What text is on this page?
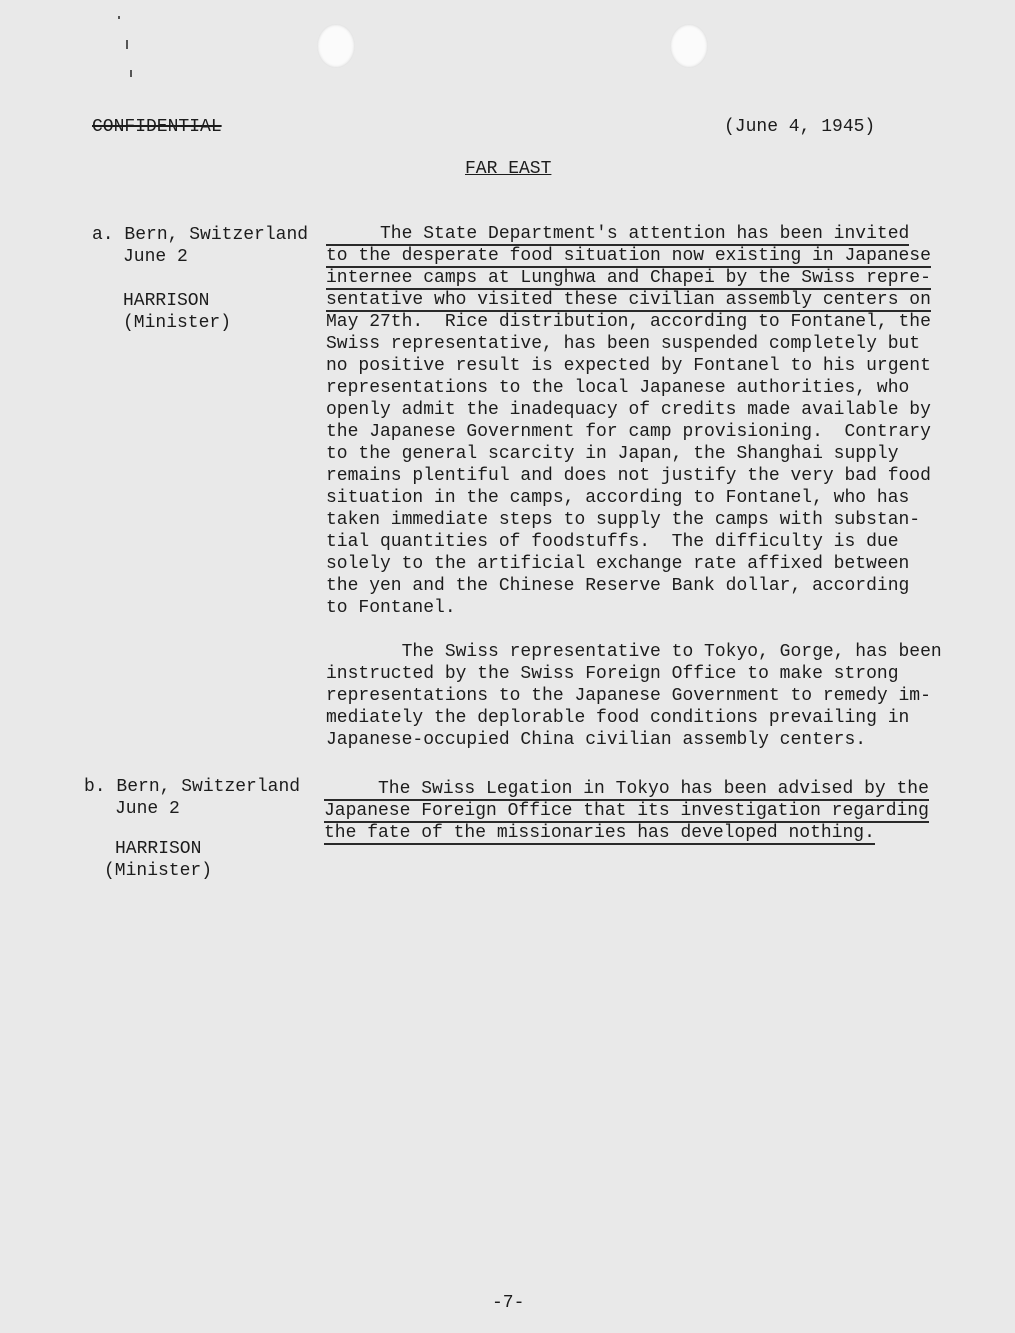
CONFIDENTIAL	(June 4, 1945)
FAR EAST
a. Bern, Switzerland
June 2
HARRISON
(Minister)
The State Department's attention has been invited
to the desperate food situation now existing in Japanese
internee camps at Lunghwa and Chapei by the Swiss repre-
sentative who visited these civilian assembly centers on
May 27th.  Rice distribution, according to Fontanel, the
Swiss representative, has been suspended completely but
no positive result is expected by Fontanel to his urgent
representations to the local Japanese authorities, who
openly admit the inadequacy of credits made available by
the Japanese Government for camp provisioning.  Contrary
to the general scarcity in Japan, the Shanghai supply
remains plentiful and does not justify the very bad food
situation in the camps, according to Fontanel, who has
taken immediate steps to supply the camps with substan-
tial quantities of foodstuffs.  The difficulty is due
solely to the artificial exchange rate affixed between
the yen and the Chinese Reserve Bank dollar, according
to Fontanel.
The Swiss representative to Tokyo, Gorge, has been
instructed by the Swiss Foreign Office to make strong
representations to the Japanese Government to remedy im-
mediately the deplorable food conditions prevailing in
Japanese-occupied China civilian assembly centers.
b. Bern, Switzerland
June 2
HARRISON
(Minister)
The Swiss Legation in Tokyo has been advised by the
Japanese Foreign Office that its investigation regarding
the fate of the missionaries has developed nothing.
-7-
